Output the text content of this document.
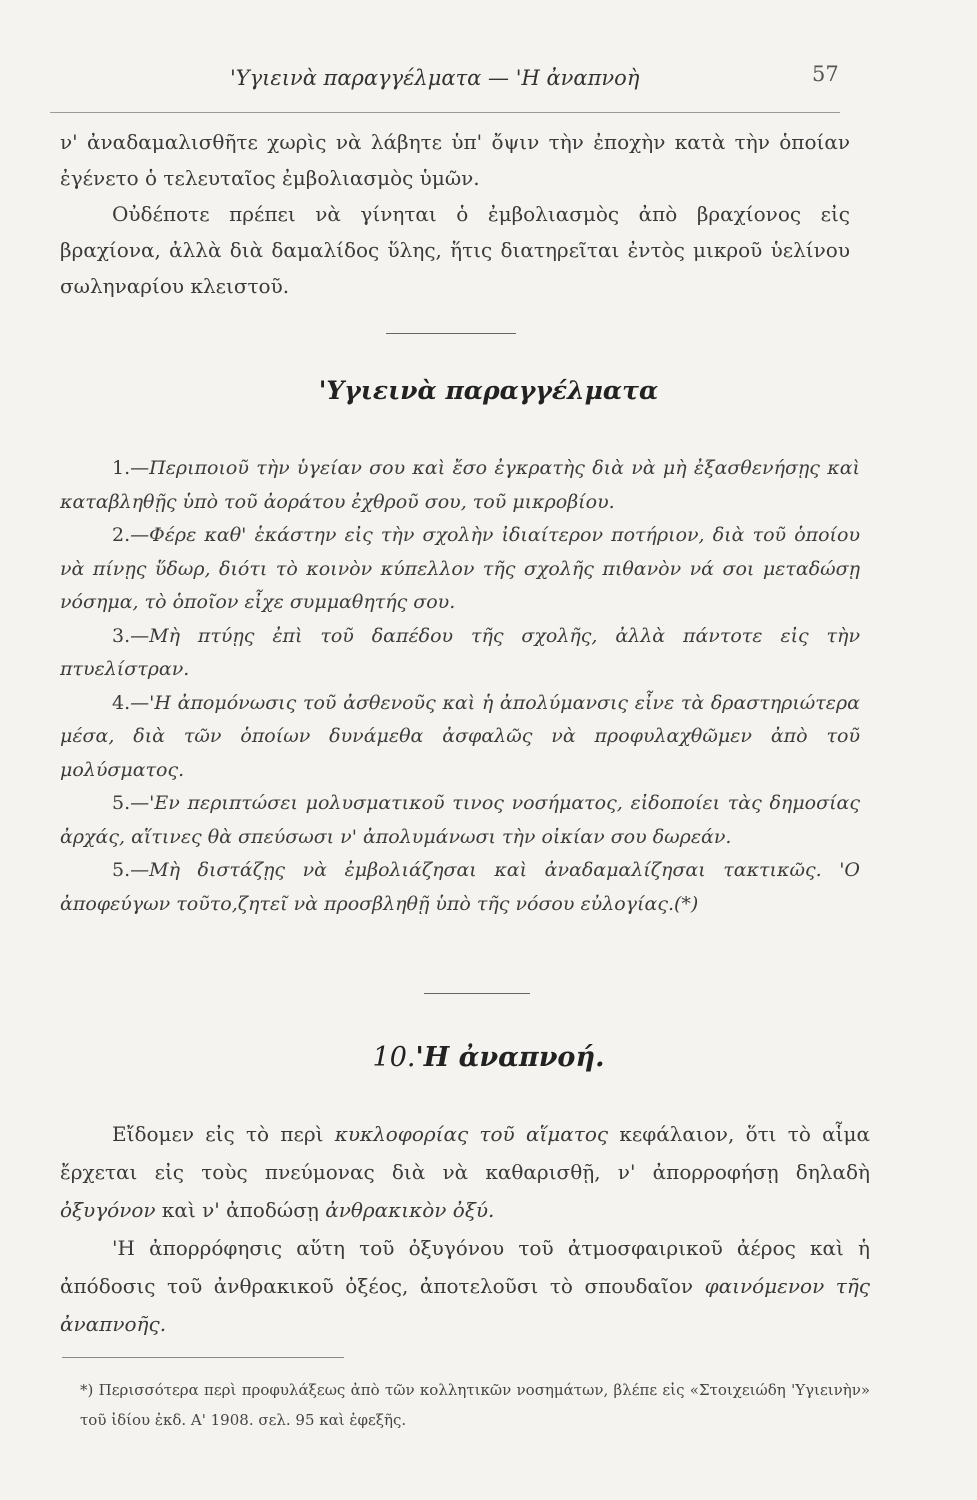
'Υγιεινὰ παραγγέλματα — 'Η ἀναπνοὴ	57

ν' ἀναδαμαλισθῆτε χωρὶς νὰ λάβητε ὑπ' ὄψιν τὴν ἐποχὴν κατὰ τὴν ὁποίαν ἐγένετο ὁ τελευταῖος ἐμβολιασμὸς ὑμῶν.

Οὐδέποτε πρέπει νὰ γίνηται ὁ ἐμβολιασμὸς ἀπὸ βραχίονος εἰς βραχίονα, ἀλλὰ διὰ δαμαλίδος ὕλης, ἥτις διατηρεῖται ἐντὸς μικροῦ ὑελίνου σωληναρίου κλειστοῦ.

'Υγιεινὰ παραγγέλματα

1.—Περιποιοῦ τὴν ὑγείαν σου καὶ ἔσο ἐγκρατὴς διὰ νὰ μὴ ἐξασθενήσῃς καὶ καταβληθῇς ὑπὸ τοῦ ἀοράτου ἐχθροῦ σου, τοῦ μικροβίου.

2.—Φέρε καθ' ἑκάστην εἰς τὴν σχολὴν ἰδιαίτερον ποτήριον, διὰ τοῦ ὁποίου νὰ πίνῃς ὕδωρ, διότι τὸ κοινὸν κύπελλον τῆς σχολῆς πιθανὸν νά σοι μεταδώσῃ νόσημα, τὸ ὁποῖον εἶχε συμμαθητής σου.

3.—Μὴ πτύῃς ἐπὶ τοῦ δαπέδου τῆς σχολῆς, ἀλλὰ πάντοτε εἰς τὴν πτυελίστραν.

4.—'Η ἀπομόνωσις τοῦ ἀσθενοῦς καὶ ἡ ἀπολύμανσις εἶνε τὰ δραστηριώτερα μέσα, διὰ τῶν ὁποίων δυνάμεθα ἀσφαλῶς νὰ προφυλαχθῶμεν ἀπὸ τοῦ μολύσματος.

5.—'Εν περιπτώσει μολυσματικοῦ τινος νοσήματος, εἰδοποίει τὰς δημοσίας ἀρχάς, αἵτινες θὰ σπεύσωσι ν' ἀπολυμάνωσι τὴν οἰκίαν σου δωρεάν.

5.—Μὴ διστάζῃς νὰ ἐμβολιάζησαι καὶ ἀναδαμαλίζησαι τακτικῶς. 'Ο ἀποφεύγων τοῦτο,ζητεῖ νὰ προσβληθῇ ὑπὸ τῆς νόσου εὐλογίας.(*)

10.'Η ἀναπνοή.

Εἴδομεν εἰς τὸ περὶ κυκλοφορίας τοῦ αἵματος κεφάλαιον, ὅτι τὸ αἷμα ἔρχεται εἰς τοὺς πνεύμονας διὰ νὰ καθαρισθῇ, ν' ἀπορροφήσῃ δηλαδὴ ὀξυγόνον καὶ ν' ἀποδώσῃ ἀνθρακικὸν ὀξύ.

'Η ἀπορρόφησις αὕτη τοῦ ὀξυγόνου τοῦ ἀτμοσφαιρικοῦ ἀέρος καὶ ἡ ἀπόδοσις τοῦ ἀνθρακικοῦ ὀξέος, ἀποτελοῦσι τὸ σπουδαῖον φαινόμενον τῆς ἀναπνοῆς.

*) Περισσότερα περὶ προφυλάξεως ἀπὸ τῶν κολλητικῶν νοσημάτων, βλέπε εἰς «Στοιχειώδη 'Υγιεινὴν» τοῦ ἰδίου ἐκδ. Α' 1908. σελ. 95 καὶ ἑφεξῆς.
